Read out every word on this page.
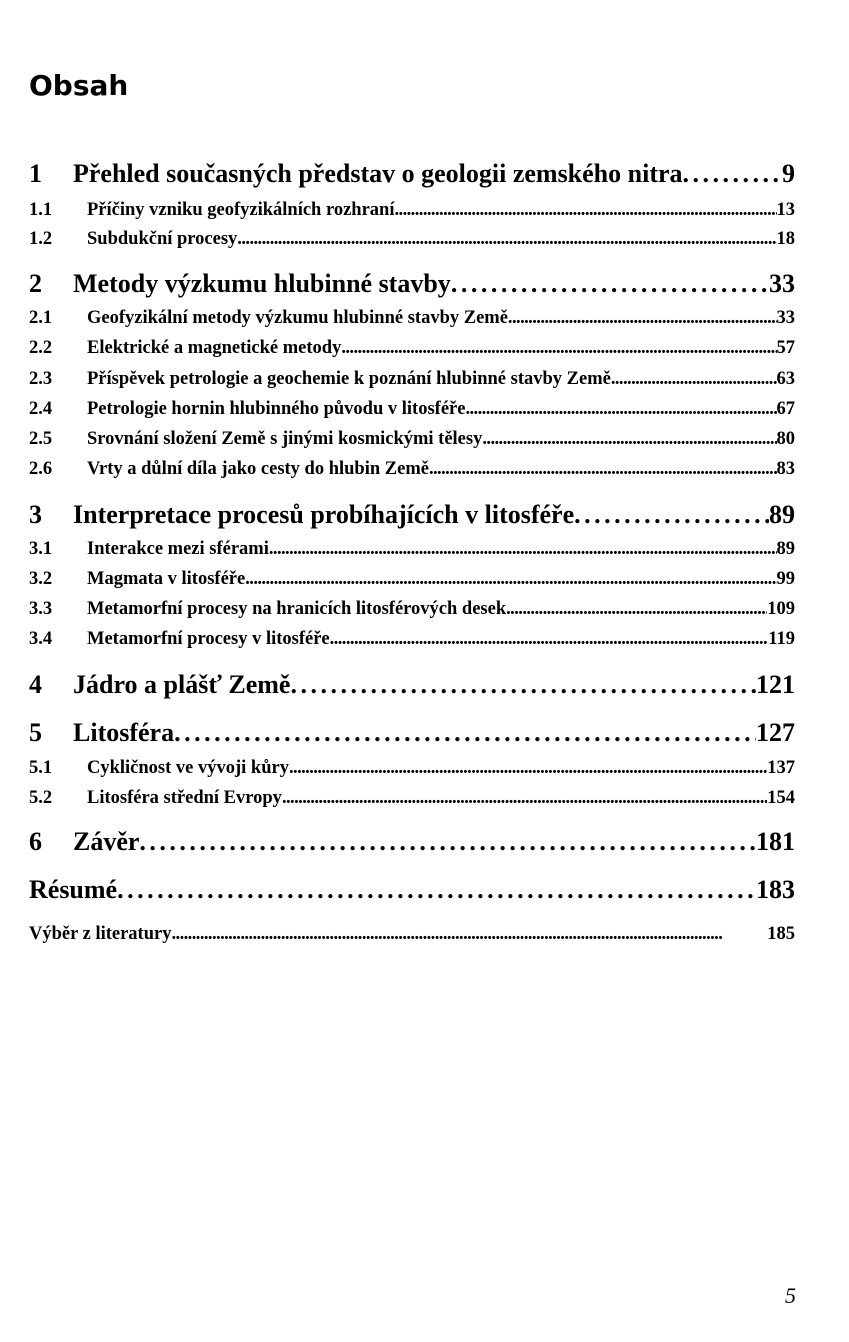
Obsah
1	Přehled současných představ o geologii zemského nitra . . .	9
1.1	Příčiny vzniku geofyzikálních rozhraní . . .	13
1.2	Subdukční procesy . . .	18
2	Metody výzkumu hlubinné stavby . . .	33
2.1	Geofyzikální metody výzkumu hlubinné stavby Země . . .	33
2.2	Elektrické a magnetické metody . . .	57
2.3	Příspěvek petrologie a geochemie k poznání hlubinné stavby Země . . .	63
2.4	Petrologie hornin hlubinného původu v litosféře . . .	67
2.5	Srovnání složení Země s jinými kosmickými tělesy . . .	80
2.6	Vrty a důlní díla jako cesty do hlubin Země . . .	83
3	Interpretace procesů probíhajících v litosféře . . .	89
3.1	Interakce mezi sférami . . .	89
3.2	Magmata v litosféře . . .	99
3.3	Metamorfní procesy na hranicích litosférových desek . . .	109
3.4	Metamorfní procesy v litosféře . . .	119
4	Jádro a plášť Země . . .	121
5	Litosféra . . .	127
5.1	Cykličnost ve vývoji kůry . . .	137
5.2	Litosféra střední Evropy . . .	154
6	Závěr . . .	181
Résumé . . .	183
Výběr z literatury . . .	185
5
